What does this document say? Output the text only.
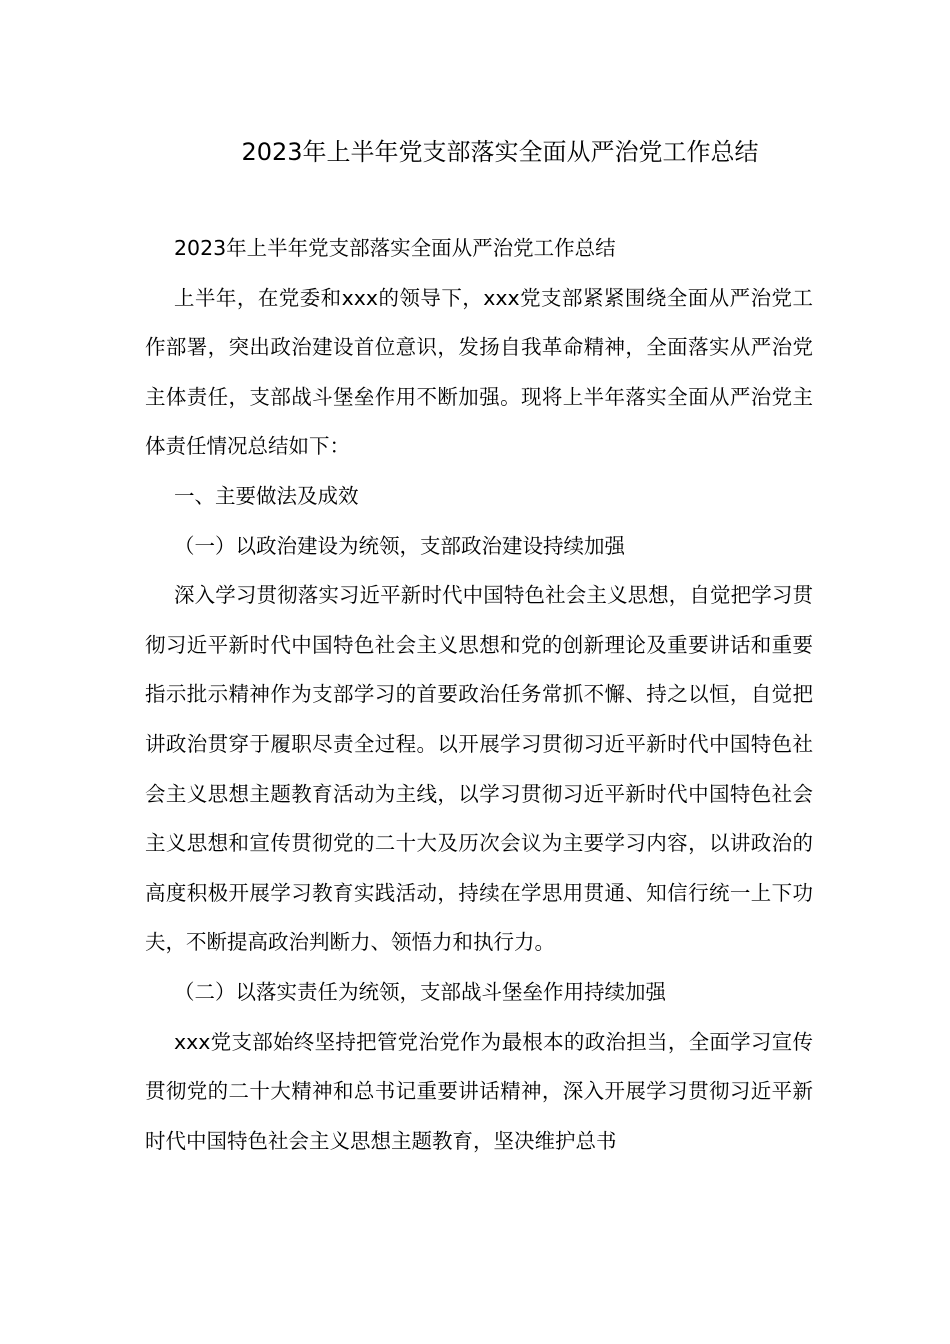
2023年上半年党支部落实全面从严治党工作总结

2023年上半年党支部落实全面从严治党工作总结

上半年，在党委和xxx的领导下，xxx党支部紧紧围绕全面从严治党工作部署，突出政治建设首位意识，发扬自我革命精神，全面落实从严治党主体责任，支部战斗堡垒作用不断加强。现将上半年落实全面从严治党主体责任情况总结如下：

一、主要做法及成效

（一）以政治建设为统领，支部政治建设持续加强

深入学习贯彻落实习近平新时代中国特色社会主义思想，自觉把学习贯彻习近平新时代中国特色社会主义思想和党的创新理论及重要讲话和重要指示批示精神作为支部学习的首要政治任务常抓不懈、持之以恒，自觉把讲政治贯穿于履职尽责全过程。以开展学习贯彻习近平新时代中国特色社会主义思想主题教育活动为主线，以学习贯彻习近平新时代中国特色社会主义思想和宣传贯彻党的二十大及历次会议为主要学习内容，以讲政治的高度积极开展学习教育实践活动，持续在学思用贯通、知信行统一上下功夫，不断提高政治判断力、领悟力和执行力。

（二）以落实责任为统领，支部战斗堡垒作用持续加强

xxx党支部始终坚持把管党治党作为最根本的政治担当，全面学习宣传贯彻党的二十大精神和总书记重要讲话精神，深入开展学习贯彻习近平新时代中国特色社会主义思想主题教育，坚决维护总书
